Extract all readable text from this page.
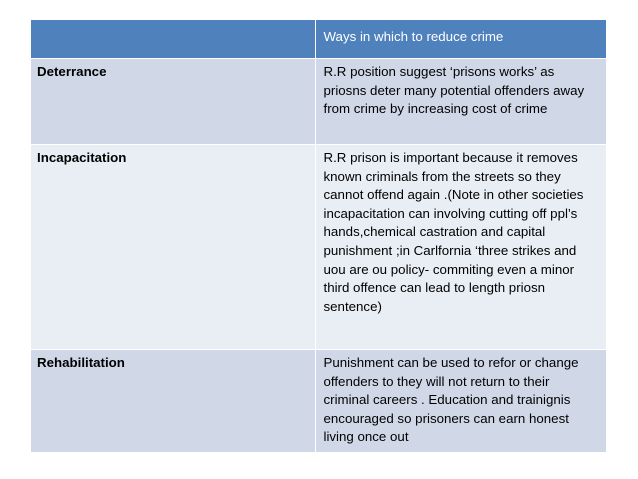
	Ways in which to reduce crime
Deterrance	R.R position suggest ‘prisons works’ as priosns deter many potential offenders away from crime by increasing cost of crime
Incapacitation	R.R prison is important because it removes known criminals from the streets so they cannot offend again .(Note in other societies incapacitation can involving cutting off ppl’s hands,chemical castration and capital punishment ;in Carlfornia ‘three strikes and uou are ou policy- commiting even a minor third offence can lead to length priosn sentence)
Rehabilitation	Punishment can be used to refor or change offenders to they will not return to their criminal careers . Education and trainignis encouraged so prisoners can earn honest living once out
